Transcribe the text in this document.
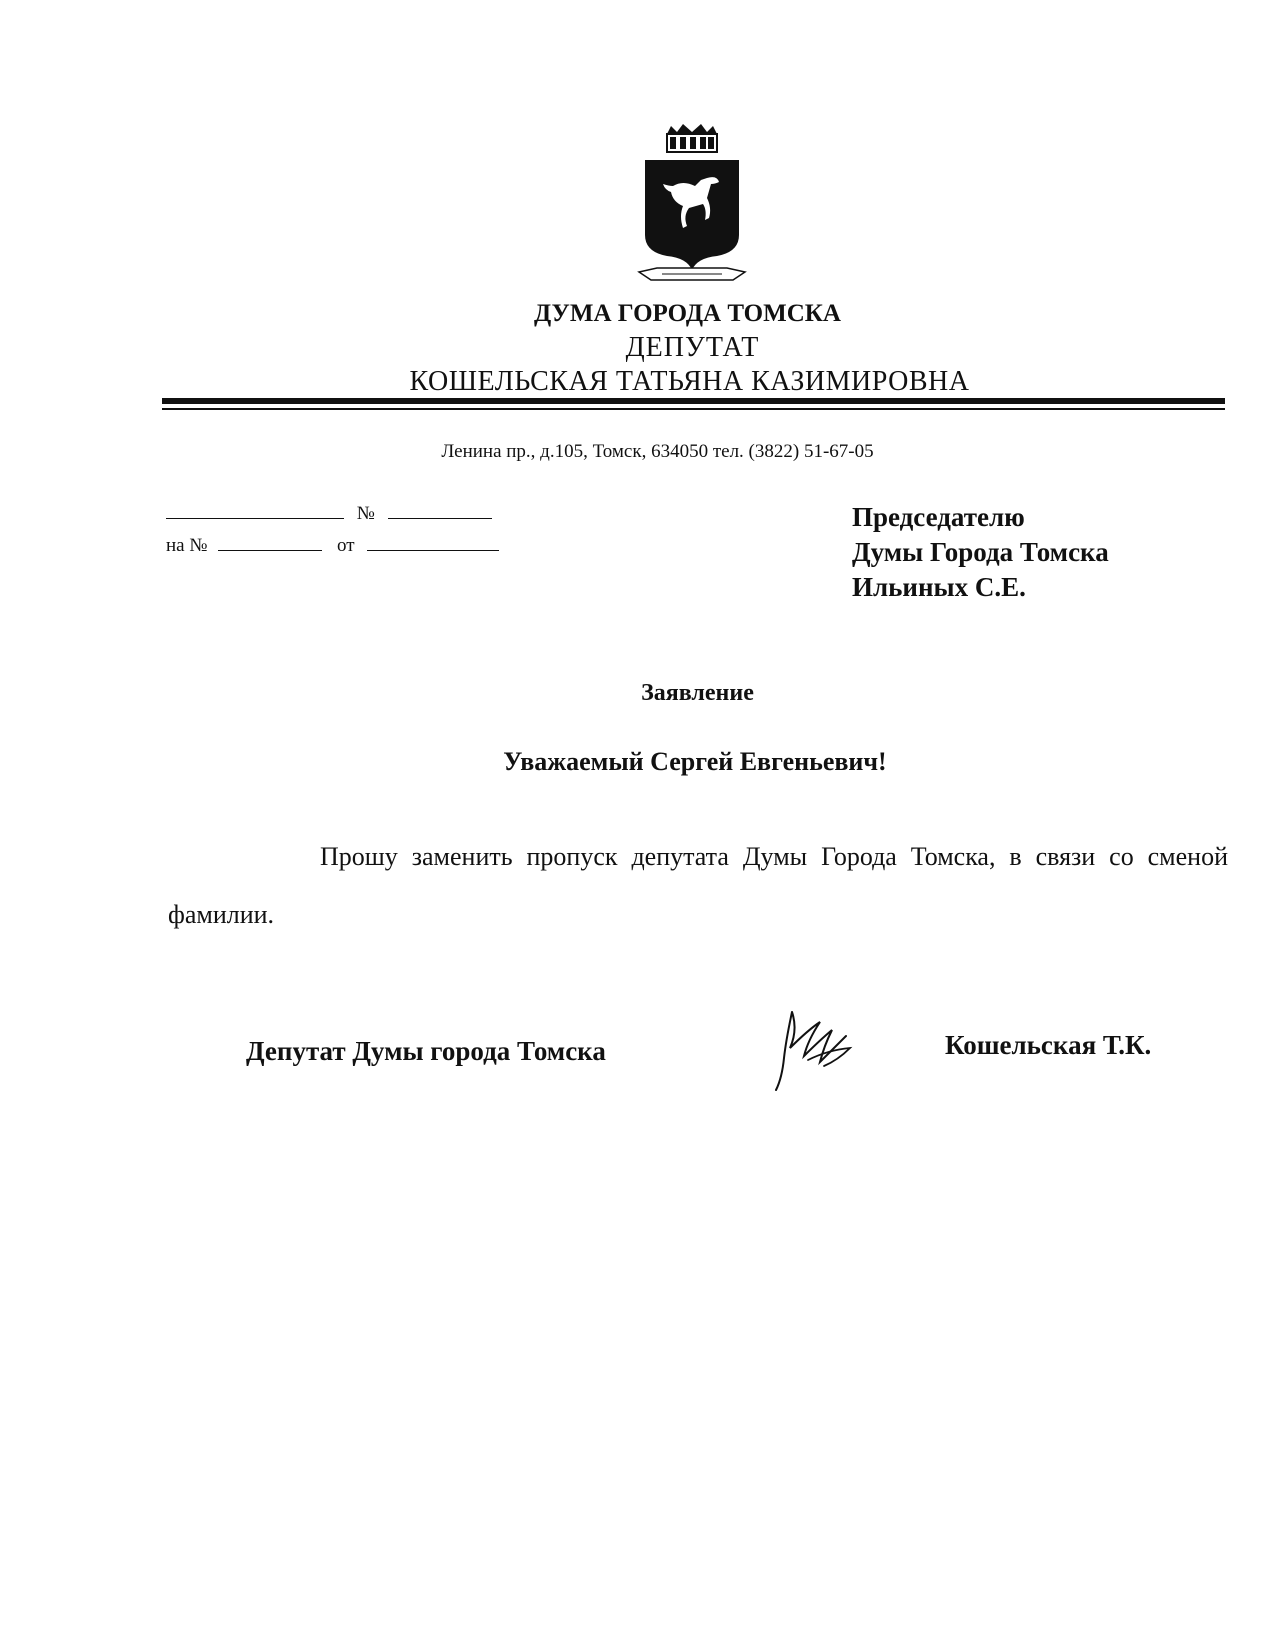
ДУМА ГОРОДА ТОМСКА
ДЕПУТАТ
КОШЕЛЬСКАЯ ТАТЬЯНА КАЗИМИРОВНА
Ленина пр., д.105, Томск, 634050 тел. (3822) 51-67-05
№
на №	от
Председателю
Думы Города Томска
Ильиных С.Е.
Заявление
Уважаемый Сергей Евгеньевич!
Прошу заменить пропуск депутата Думы Города Томска, в связи со сменой фамилии.
Депутат Думы города Томска	Кошельская Т.К.
